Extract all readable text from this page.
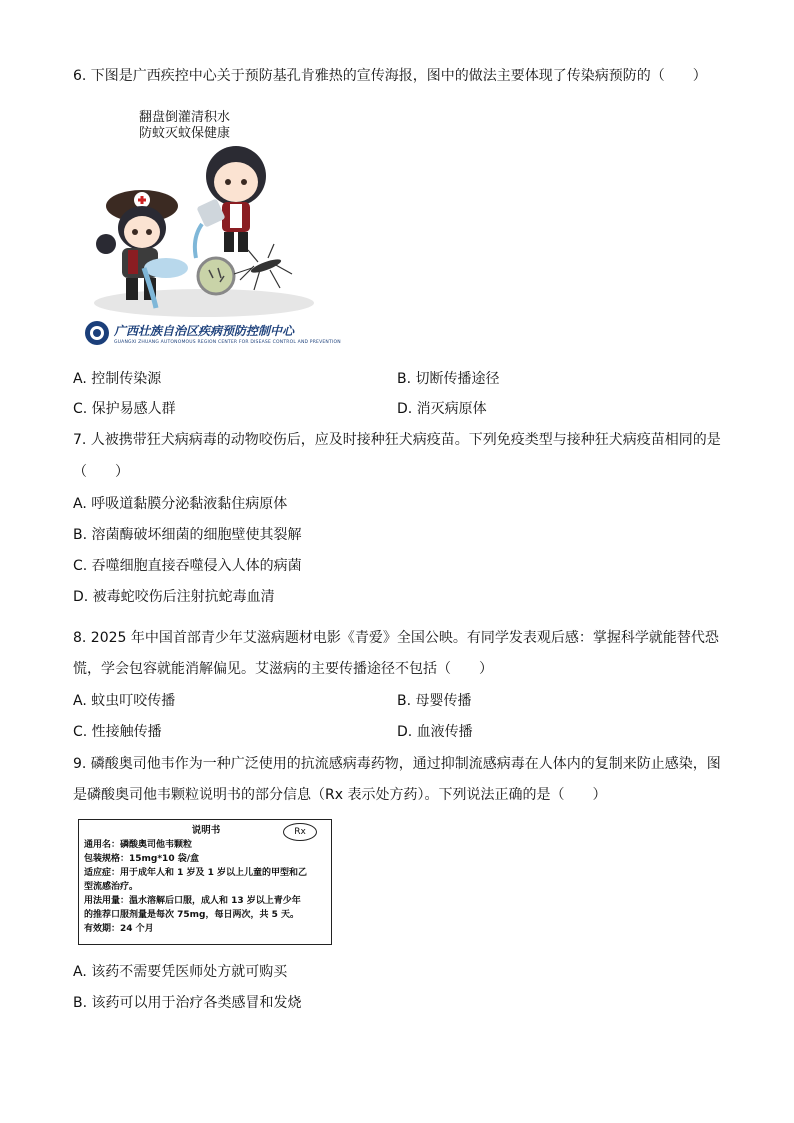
6. 下图是广西疾控中心关于预防基孔肯雅热的宣传海报，图中的做法主要体现了传染病预防的（　　）
翻盘倒灌清积水
防蚊灭蚊保健康
广西壮族自治区疾病预防控制中心
GUANGXI ZHUANG AUTONOMOUS REGION CENTER FOR DISEASE CONTROL AND PREVENTION
A. 控制传染源	B. 切断传播途径
C. 保护易感人群	D. 消灭病原体
7. 人被携带狂犬病病毒的动物咬伤后，应及时接种狂犬病疫苗。下列免疫类型与接种狂犬病疫苗相同的是
（　　）
A. 呼吸道黏膜分泌黏液黏住病原体
B. 溶菌酶破坏细菌的细胞壁使其裂解
C. 吞噬细胞直接吞噬侵入人体的病菌
D. 被毒蛇咬伤后注射抗蛇毒血清
8. 2025 年中国首部青少年艾滋病题材电影《青爱》全国公映。有同学发表观后感：掌握科学就能替代恐
慌，学会包容就能消解偏见。艾滋病的主要传播途径不包括（　　）
A. 蚊虫叮咬传播	B. 母婴传播
C. 性接触传播	D. 血液传播
9. 磷酸奥司他韦作为一种广泛使用的抗流感病毒药物，通过抑制流感病毒在人体内的复制来防止感染，图
是磷酸奥司他韦颗粒说明书的部分信息（Rx 表示处方药）。下列说法正确的是（　　）
说明书	Rx
通用名：磷酸奥司他韦颗粒
包装规格：15mg*10 袋/盒
适应症：用于成年人和 1 岁及 1 岁以上儿童的甲型和乙
型流感治疗。
用法用量：温水溶解后口服，成人和 13 岁以上青少年
的推荐口服剂量是每次 75mg，每日两次，共 5 天。
有效期：24 个月
A. 该药不需要凭医师处方就可购买
B. 该药可以用于治疗各类感冒和发烧
